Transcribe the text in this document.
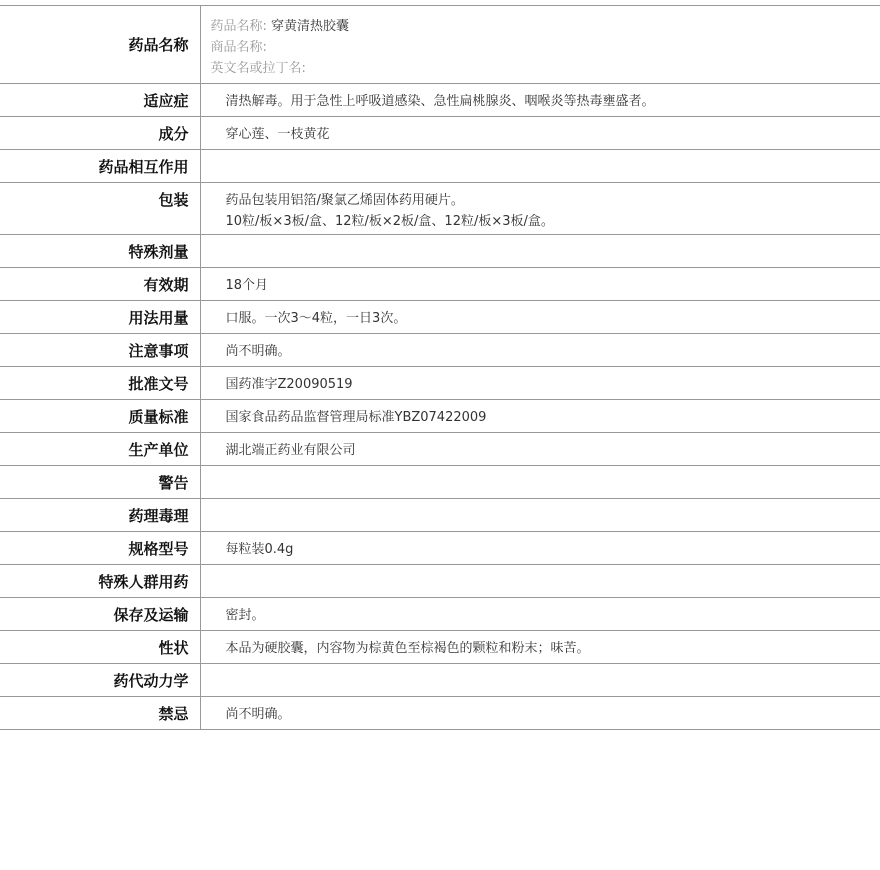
药品名称	药品名称: 穿黄清热胶囊
商品名称:
英文名或拉丁名:

适应症	清热解毒。用于急性上呼吸道感染、急性扁桃腺炎、咽喉炎等热毒壅盛者。
成分	穿心莲、一枝黄花
药品相互作用	
包装	药品包装用铝箔/聚氯乙烯固体药用硬片。
10粒/板×3板/盒、12粒/板×2板/盒、12粒/板×3板/盒。

特殊剂量	
有效期	18个月
用法用量	口服。一次3～4粒，一日3次。
注意事项	尚不明确。
批准文号	国药准字Z20090519
质量标准	国家食品药品监督管理局标准YBZ07422009
生产单位	湖北端正药业有限公司
警告	
药理毒理	
规格型号	每粒装0.4g
特殊人群用药	
保存及运输	密封。
性状	本品为硬胶囊，内容物为棕黄色至棕褐色的颗粒和粉末；味苦。
药代动力学	
禁忌	尚不明确。
